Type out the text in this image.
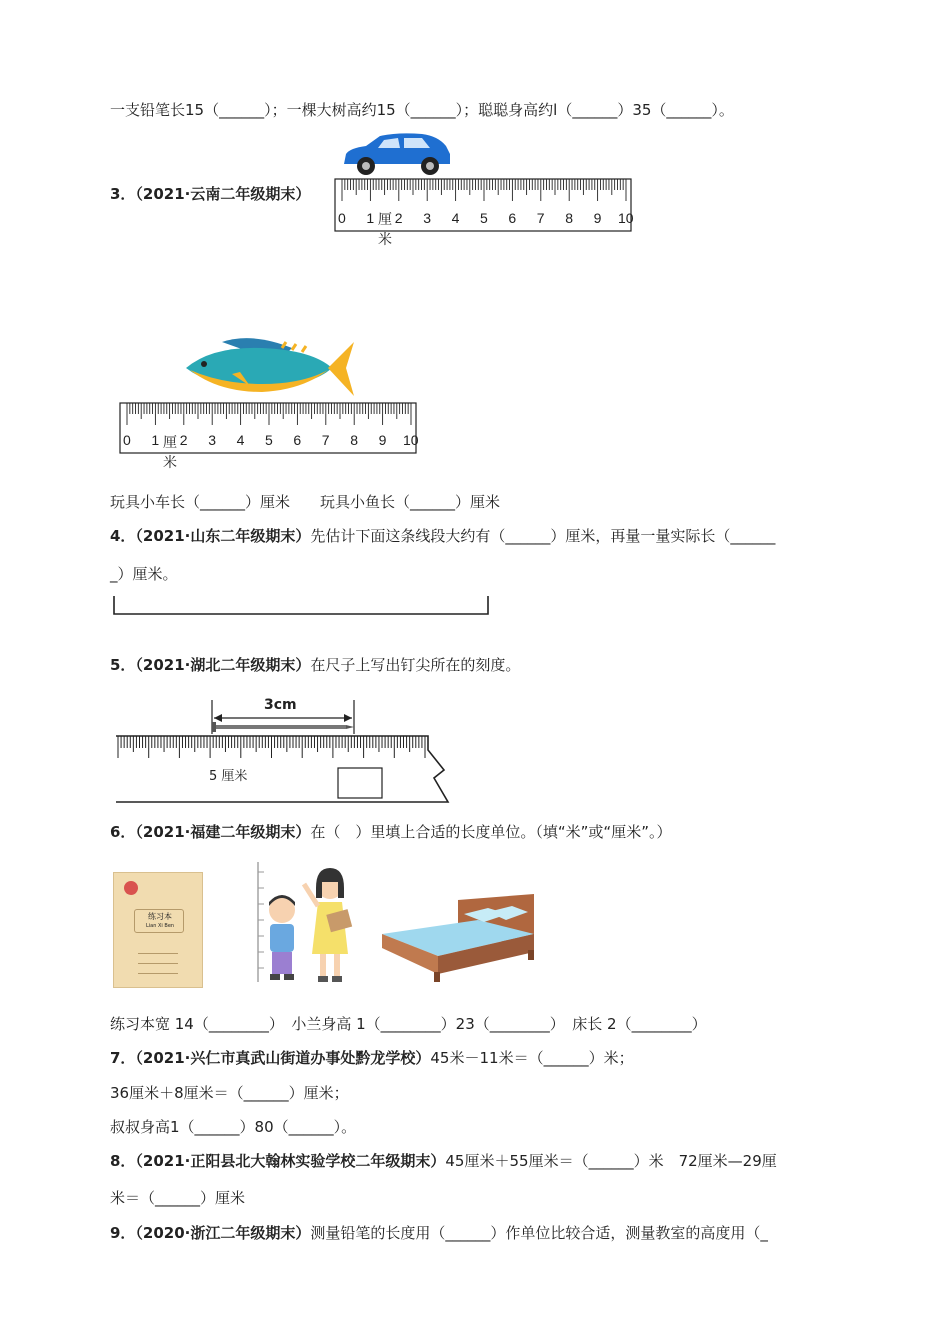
一支铅笔长15（______）；一棵大树高约15（______）；聪聪身高约l（______）35（______）。
3．（2021·云南二年级期末）
0 1 2 3 4 5 6 7 8 9 10
厘
米
0 1 2 3 4 5 6 7 8 9 10
厘
米
玩具小车长（______）厘米　　玩具小鱼长（______）厘米
4．（2021·山东二年级期末）先估计下面这条线段大约有（______）厘米，再量一量实际长（______
_）厘米。
5．（2021·湖北二年级期末）在尺子上写出钉尖所在的刻度。
3cm
5 厘米
6．（2021·福建二年级期末）在（　）里填上合适的长度单位。（填“米”或“厘米”。）
练习本
Lian Xi Ben
练习本宽 14（________）　小兰身高 1（________）23（________）　床长 2（________）
7．（2021·兴仁市真武山街道办事处黔龙学校）45米－11米＝（______）米；
36厘米＋8厘米＝（______）厘米；
叔叔身高1（______）80（______）。
8．（2021·正阳县北大翰林实验学校二年级期末）45厘米＋55厘米＝（______）米　72厘米—29厘
米＝（______）厘米
9．（2020·浙江二年级期末）测量铅笔的长度用（______）作单位比较合适，测量教室的高度用（_
